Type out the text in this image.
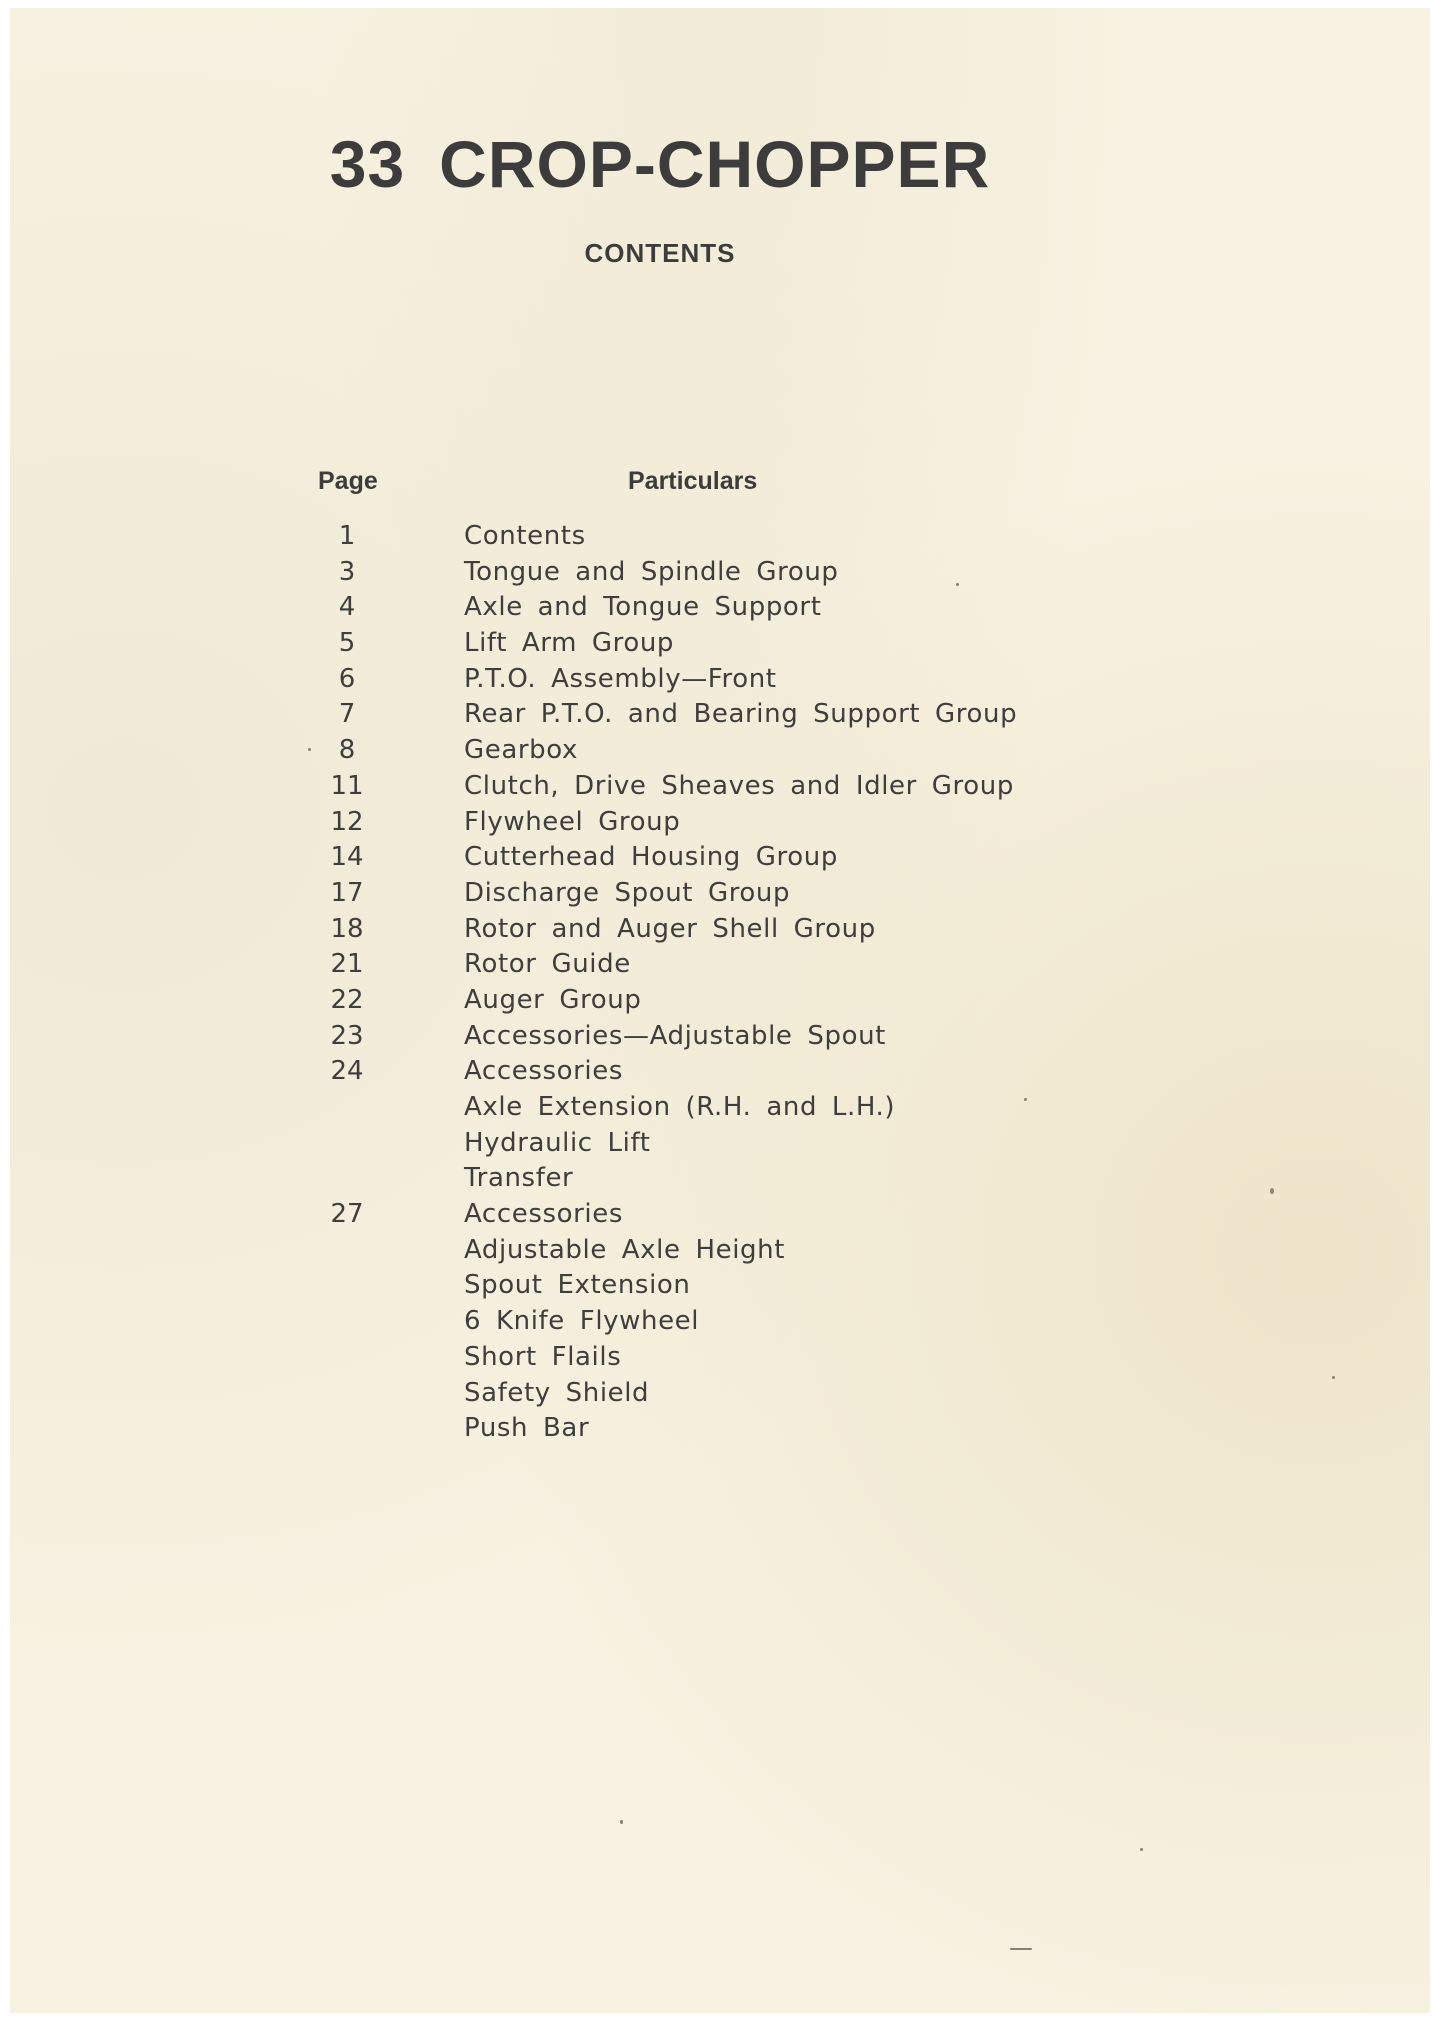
33 CROP-CHOPPER
CONTENTS
Page	Particulars
1	Contents
3	Tongue and Spindle Group
4	Axle and Tongue Support
5	Lift Arm Group
6	P.T.O. Assembly—Front
7	Rear P.T.O. and Bearing Support Group
8	Gearbox
11	Clutch, Drive Sheaves and Idler Group
12	Flywheel Group
14	Cutterhead Housing Group
17	Discharge Spout Group
18	Rotor and Auger Shell Group
21	Rotor Guide
22	Auger Group
23	Accessories—Adjustable Spout
24	Accessories
Axle Extension (R.H. and L.H.)
Hydraulic Lift
Transfer
27	Accessories
Adjustable Axle Height
Spout Extension
6 Knife Flywheel
Short Flails
Safety Shield
Push Bar
